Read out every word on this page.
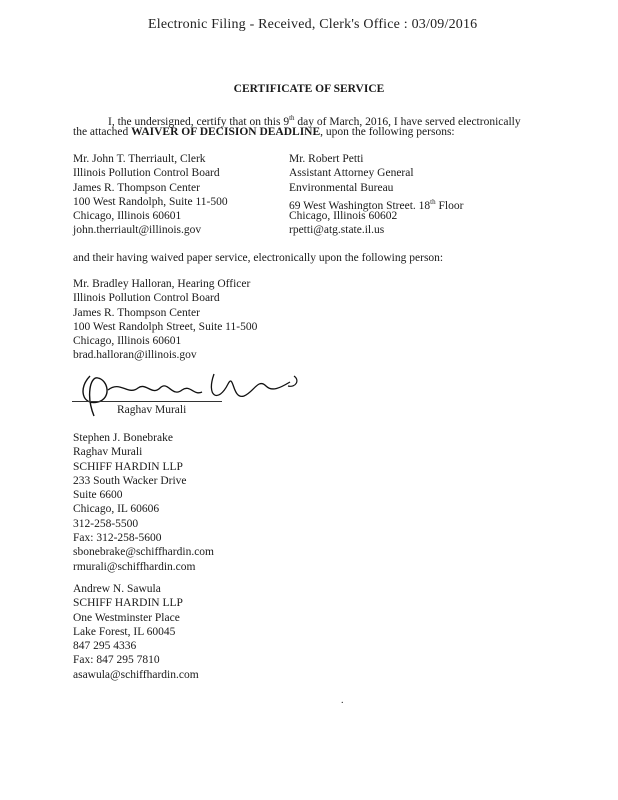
Electronic Filing - Received, Clerk's Office : 03/09/2016
CERTIFICATE OF SERVICE
I, the undersigned, certify that on this 9th day of March, 2016, I have served electronically
the attached WAIVER OF DECISION DEADLINE, upon the following persons:
Mr. John T. Therriault, Clerk
Illinois Pollution Control Board
James R. Thompson Center
100 West Randolph, Suite 11-500
Chicago, Illinois 60601
john.therriault@illinois.gov
Mr. Robert Petti
Assistant Attorney General
Environmental Bureau
69 West Washington Street. 18th Floor
Chicago, Illinois 60602
rpetti@atg.state.il.us
and their having waived paper service, electronically upon the following person:
Mr. Bradley Halloran, Hearing Officer
Illinois Pollution Control Board
James R. Thompson Center
100 West Randolph Street, Suite 11-500
Chicago, Illinois 60601
brad.halloran@illinois.gov
Raghav Murali
Stephen J. Bonebrake
Raghav Murali
SCHIFF HARDIN LLP
233 South Wacker Drive
Suite 6600
Chicago, IL 60606
312-258-5500
Fax: 312-258-5600
sbonebrake@schiffhardin.com
rmurali@schiffhardin.com
Andrew N. Sawula
SCHIFF HARDIN LLP
One Westminster Place
Lake Forest, IL 60045
847 295 4336
Fax: 847 295 7810
asawula@schiffhardin.com
.
